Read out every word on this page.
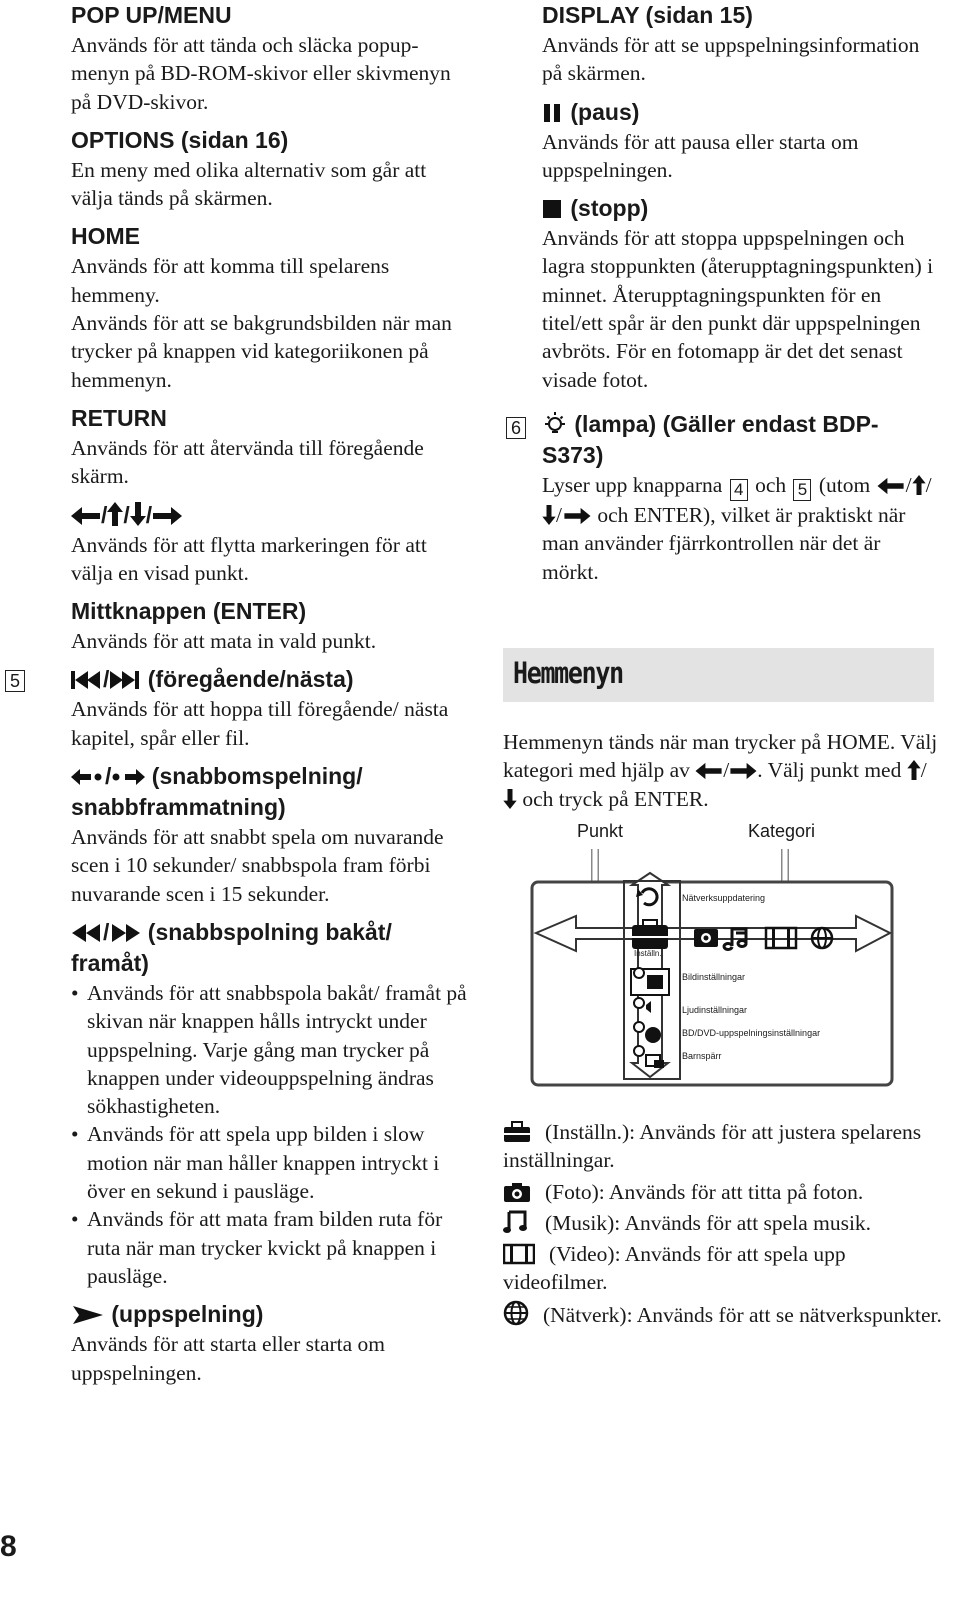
POP UP/MENU

Används för att tända och släcka popup-menyn på BD-ROM-skivor eller skivmenyn på DVD-skivor.

OPTIONS (sidan 16)

En meny med olika alternativ som går att välja tänds på skärmen.

HOME

Används för att komma till spelarens hemmeny.

Används för att se bakgrundsbilden när man trycker på knappen vid kategoriikonen på hemmenyn.

RETURN

Används för att återvända till föregående skärm.

/ / /

Används för att flytta markeringen för att välja en visad punkt.

Mittknappen (ENTER)

Används för att mata in vald punkt.

5	/ (föregående/nästa)

Används för att hoppa till föregående/ nästa kapitel, spår eller fil.

/ (snabbomspelning/ snabbframmatning)

Används för att snabbt spela om nuvarande scen i 10 sekunder/ snabbspola fram förbi nuvarande scen i 15 sekunder.

/ (snabbspolning bakåt/ framåt)

• Används för att snabbspola bakåt/ framåt på skivan när knappen hålls intryckt under uppspelning. Varje gång man trycker på knappen under videouppspelning ändras sökhastigheten.

• Används för att spela upp bilden i slow motion när man håller knappen intryckt i över en sekund i pausläge.

• Används för att mata fram bilden ruta för ruta när man trycker kvickt på knappen i pausläge.

(uppspelning)

Används för att starta eller starta om uppspelningen.

DISPLAY (sidan 15)

Används för att se uppspelningsinformation på skärmen.

(paus)

Används för att pausa eller starta om uppspelningen.

(stopp)

Används för att stoppa uppspelningen och lagra stoppunkten (återupptagningspunkten) i minnet. Återupptagningspunkten för en titel/ett spår är den punkt där uppspelningen avbröts. För en fotomapp är det det senast visade fotot.

6	(lampa) (Gäller endast BDP-S373)

Lyser upp knapparna 4 och 5 (utom / // och ENTER), vilket är praktiskt när man använder fjärrkontrollen när det är mörkt.

Hemmenyn

Hemmenyn tänds när man trycker på HOME. Välj kategori med hjälp av / . Välj punkt med / och tryck på ENTER.

Punkt	Kategori
Nätverksuppdatering
Inställn.
Bildinställningar
Ljudinställningar
BD/DVD-uppspelningsinställningar
Barnspärr

(Inställn.): Används för att justera spelarens inställningar.

(Foto): Används för att titta på foton.

(Musik): Används för att spela musik.

(Video): Används för att spela upp videofilmer.

(Nätverk): Används för att se nätverkspunkter.

8
